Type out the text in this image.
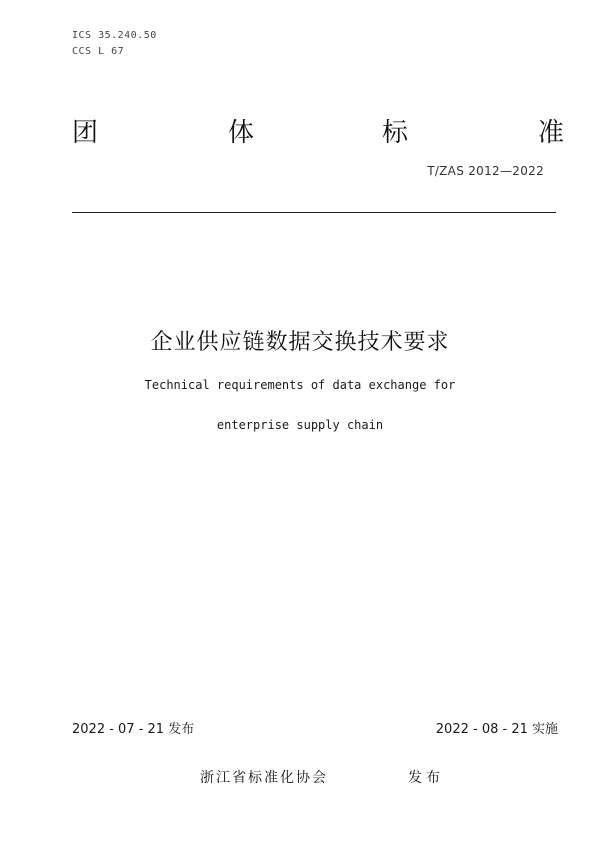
ICS 35.240.50
CCS L 67
团	体	标	准
T/ZAS 2012—2022
企业供应链数据交换技术要求
Technical requirements of data exchange for
enterprise supply chain
2022 - 07 - 21 发布	2022 - 08 - 21 实施
浙江省标准化协会	发布
